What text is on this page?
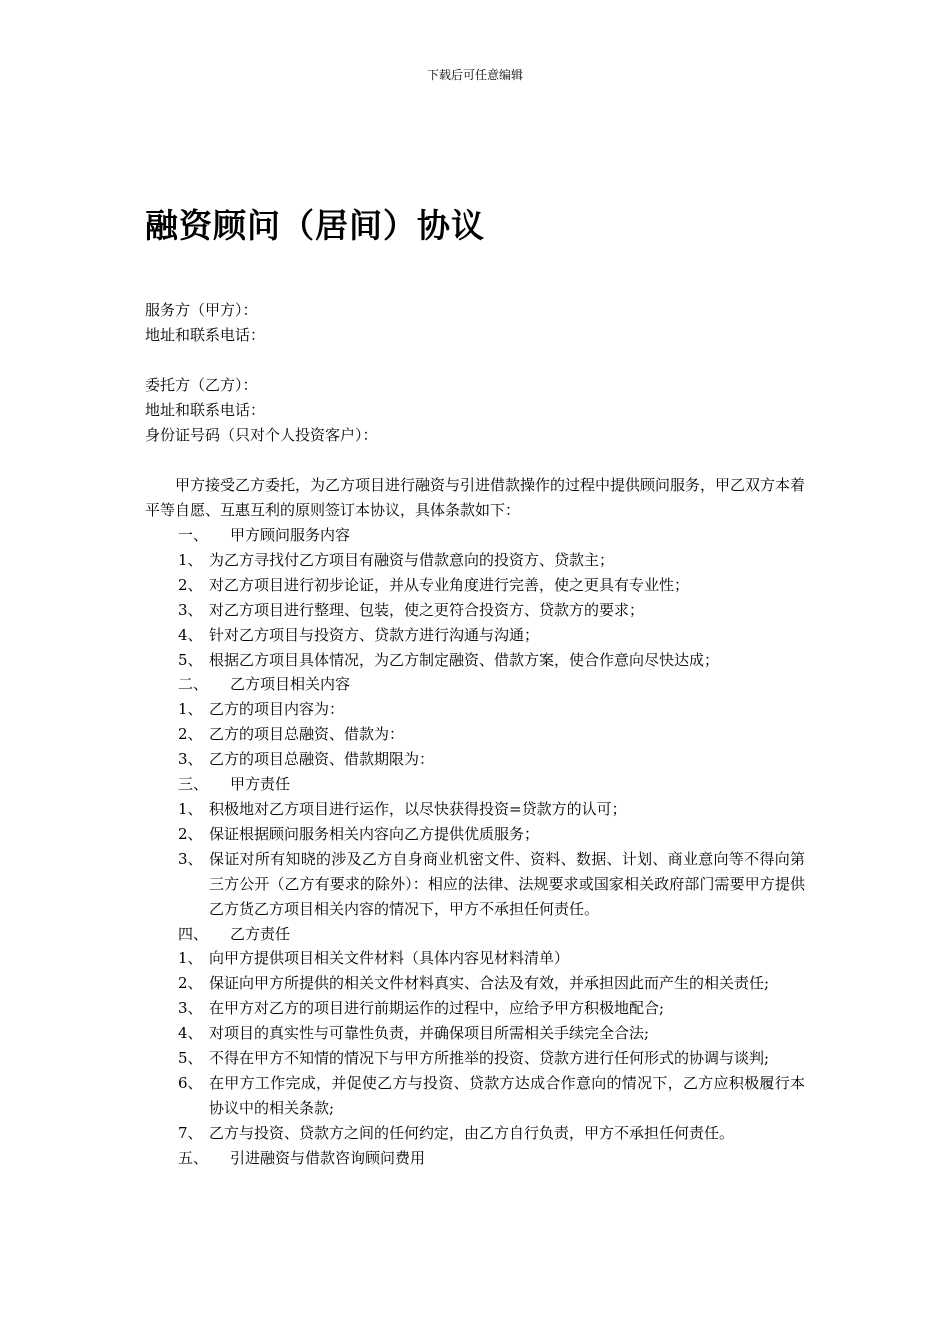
下载后可任意编辑
融资顾问（居间）协议
服务方（甲方）：
地址和联系电话：
委托方（乙方）：
地址和联系电话：
身份证号码（只对个人投资客户）：
甲方接受乙方委托，为乙方项目进行融资与引进借款操作的过程中提供顾问服务，甲乙双方本着平等自愿、互惠互利的原则签订本协议，具体条款如下：
一、 甲方顾问服务内容
1、 为乙方寻找付乙方项目有融资与借款意向的投资方、贷款主；
2、 对乙方项目进行初步论证，并从专业角度进行完善，使之更具有专业性；
3、 对乙方项目进行整理、包装，使之更符合投资方、贷款方的要求；
4、 针对乙方项目与投资方、贷款方进行沟通与沟通；
5、 根据乙方项目具体情况，为乙方制定融资、借款方案，使合作意向尽快达成；
二、 乙方项目相关内容
1、 乙方的项目内容为：
2、 乙方的项目总融资、借款为：
3、 乙方的项目总融资、借款期限为：
三、 甲方责任
1、 积极地对乙方项目进行运作，以尽快获得投资=贷款方的认可；
2、 保证根据顾问服务相关内容向乙方提供优质服务；
3、 保证对所有知晓的涉及乙方自身商业机密文件、资料、数据、计划、商业意向等不得向第三方公开（乙方有要求的除外）：相应的法律、法规要求或国家相关政府部门需要甲方提供乙方货乙方项目相关内容的情况下，甲方不承担任何责任。
四、 乙方责任
1、 向甲方提供项目相关文件材料（具体内容见材料清单）
2、 保证向甲方所提供的相关文件材料真实、合法及有效，并承担因此而产生的相关责任;
3、 在甲方对乙方的项目进行前期运作的过程中，应给予甲方积极地配合;
4、 对项目的真实性与可靠性负责，并确保项目所需相关手续完全合法;
5、 不得在甲方不知情的情况下与甲方所推举的投资、贷款方进行任何形式的协调与谈判;
6、 在甲方工作完成，并促使乙方与投资、贷款方达成合作意向的情况下，乙方应积极履行本协议中的相关条款;
7、 乙方与投资、贷款方之间的任何约定，由乙方自行负责，甲方不承担任何责任。
五、 引进融资与借款咨询顾问费用
